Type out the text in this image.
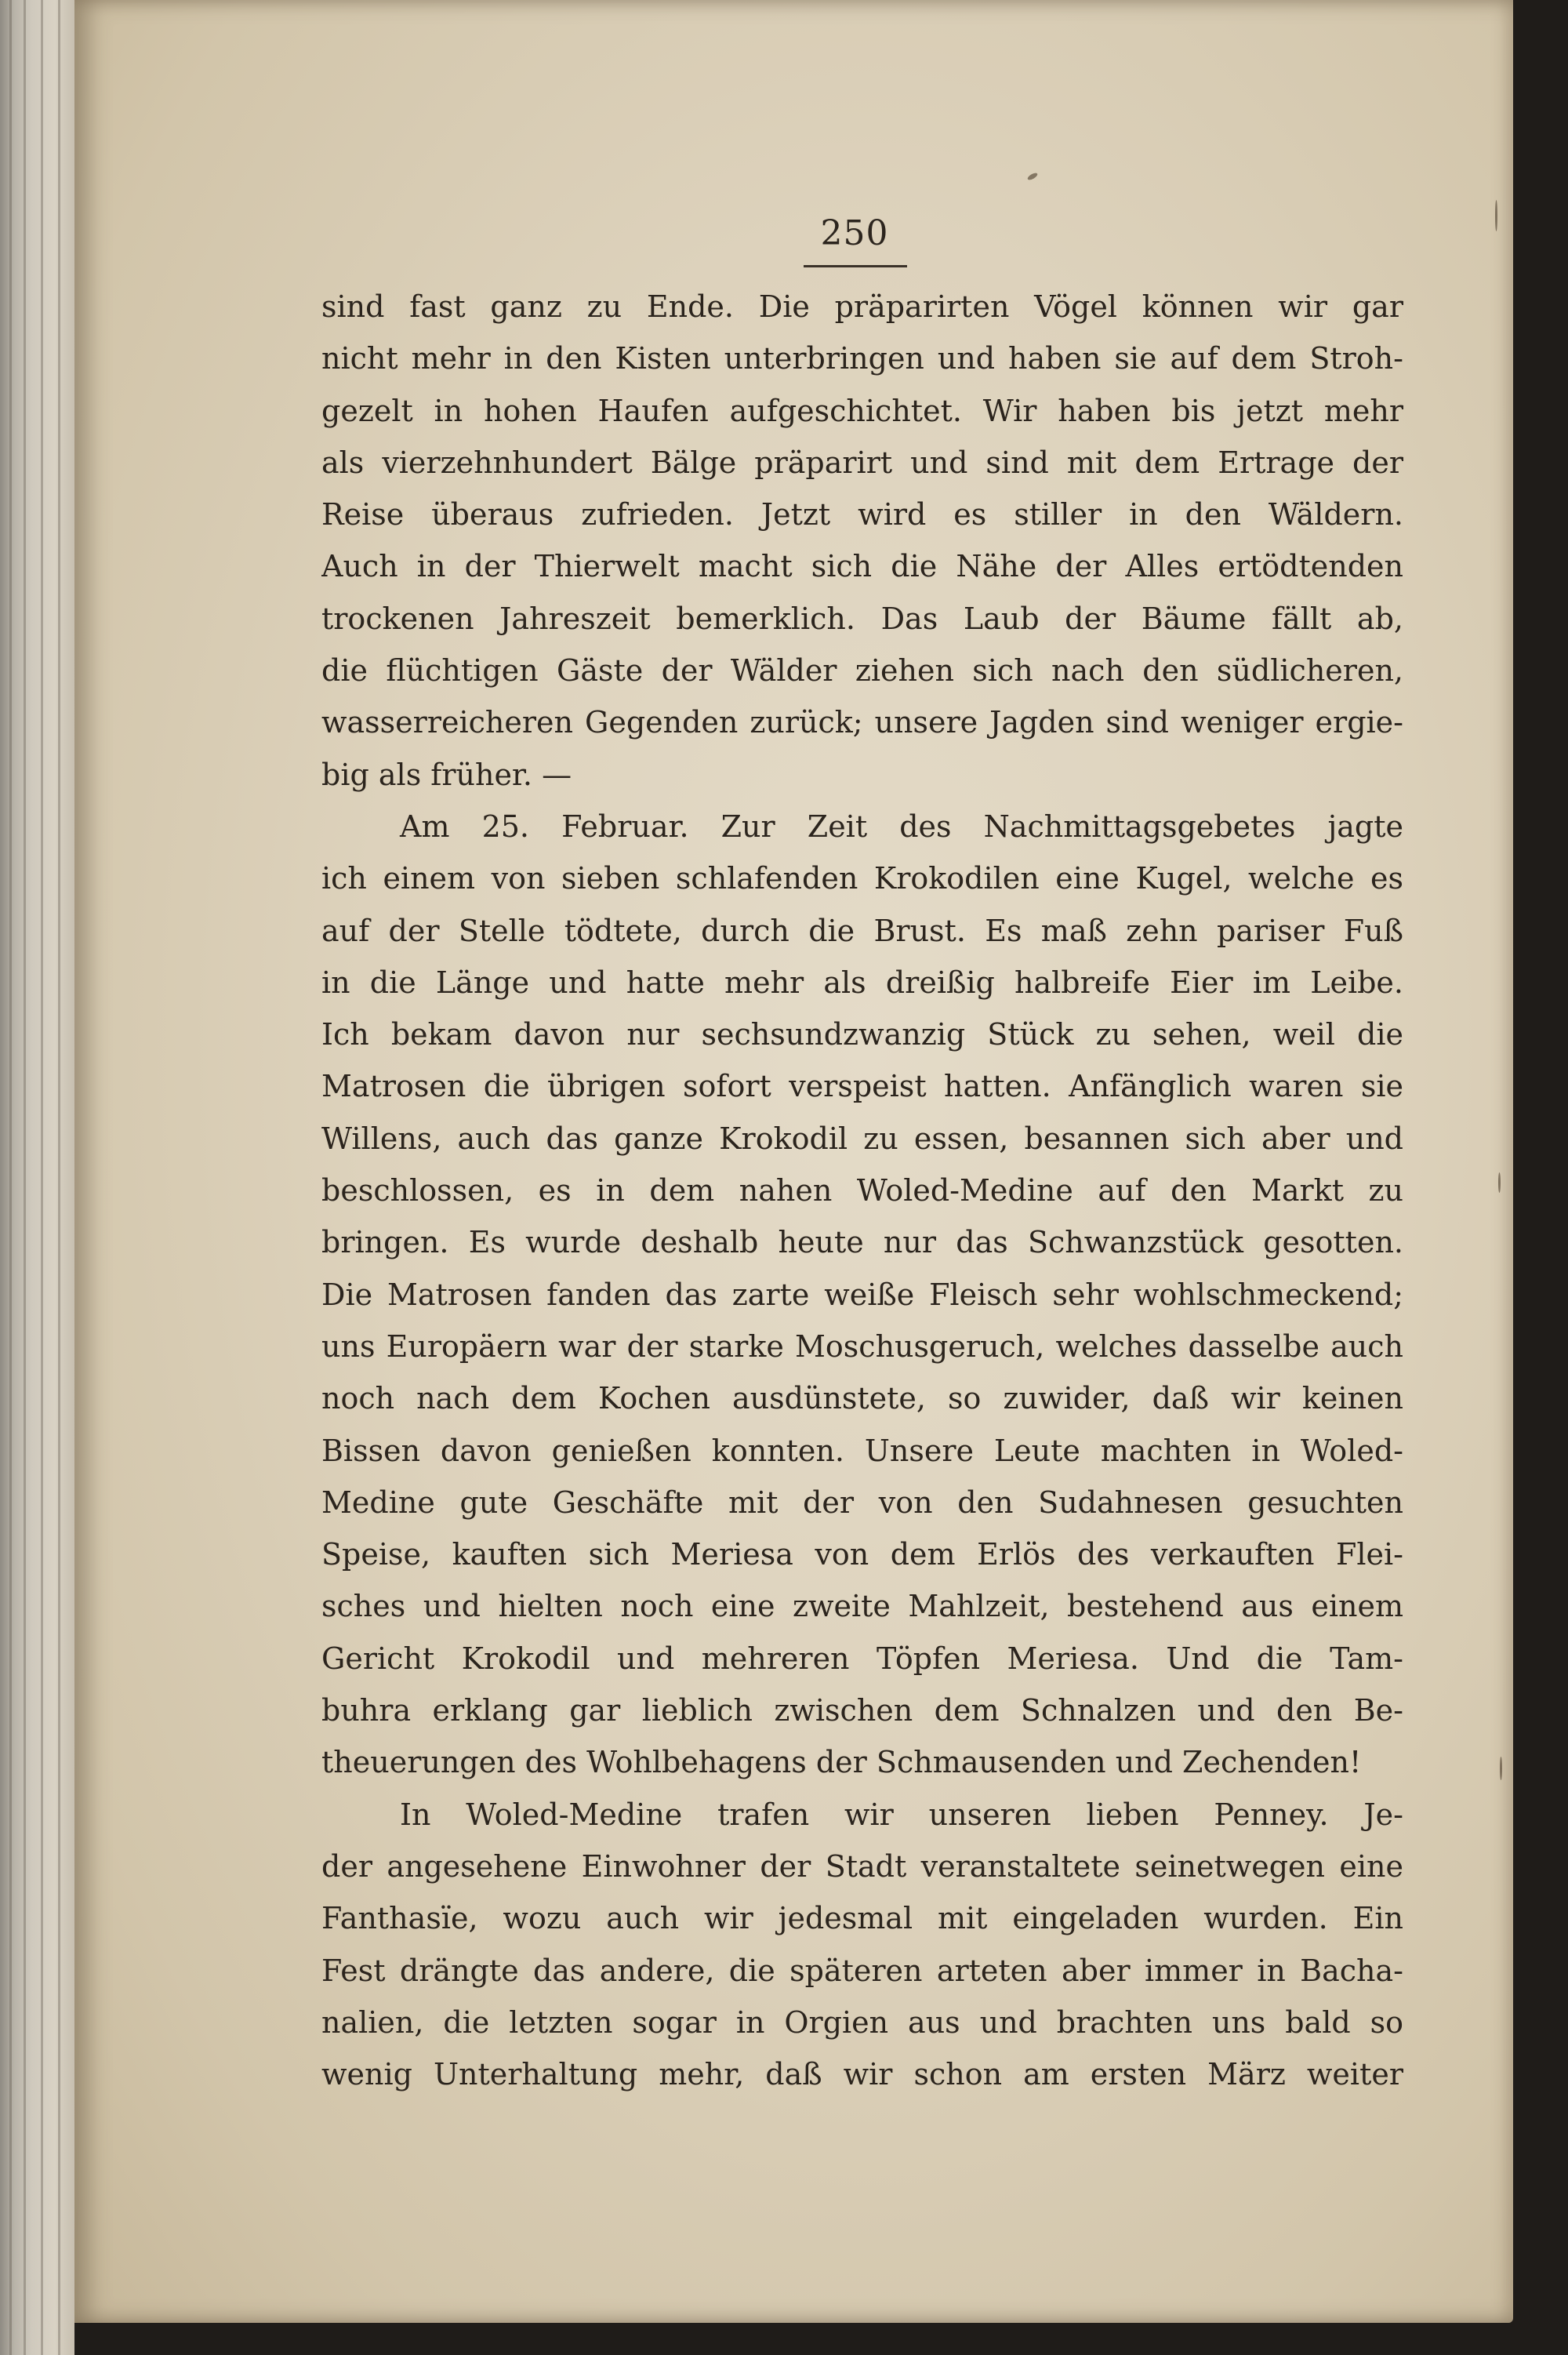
250
sind fast ganz zu Ende. Die präparirten Vögel können wir gar
nicht mehr in den Kisten unterbringen und haben sie auf dem Stroh-
gezelt in hohen Haufen aufgeschichtet. Wir haben bis jetzt mehr
als vierzehnhundert Bälge präparirt und sind mit dem Ertrage der
Reise überaus zufrieden. Jetzt wird es stiller in den Wäldern.
Auch in der Thierwelt macht sich die Nähe der Alles ertödtenden
trockenen Jahreszeit bemerklich. Das Laub der Bäume fällt ab,
die flüchtigen Gäste der Wälder ziehen sich nach den südlicheren,
wasserreicheren Gegenden zurück; unsere Jagden sind weniger ergie-
big als früher. —
Am 25. Februar. Zur Zeit des Nachmittagsgebetes jagte
ich einem von sieben schlafenden Krokodilen eine Kugel, welche es
auf der Stelle tödtete, durch die Brust. Es maß zehn pariser Fuß
in die Länge und hatte mehr als dreißig halbreife Eier im Leibe.
Ich bekam davon nur sechsundzwanzig Stück zu sehen, weil die
Matrosen die übrigen sofort verspeist hatten. Anfänglich waren sie
Willens, auch das ganze Krokodil zu essen, besannen sich aber und
beschlossen, es in dem nahen Woled-Medine auf den Markt zu
bringen. Es wurde deshalb heute nur das Schwanzstück gesotten.
Die Matrosen fanden das zarte weiße Fleisch sehr wohlschmeckend;
uns Europäern war der starke Moschusgeruch, welches dasselbe auch
noch nach dem Kochen ausdünstete, so zuwider, daß wir keinen
Bissen davon genießen konnten. Unsere Leute machten in Woled-
Medine gute Geschäfte mit der von den Sudahnesen gesuchten
Speise, kauften sich Meriesa von dem Erlös des verkauften Flei-
sches und hielten noch eine zweite Mahlzeit, bestehend aus einem
Gericht Krokodil und mehreren Töpfen Meriesa. Und die Tam-
buhra erklang gar lieblich zwischen dem Schnalzen und den Be-
theuerungen des Wohlbehagens der Schmausenden und Zechenden!
In Woled-Medine trafen wir unseren lieben Penney. Je-
der angesehene Einwohner der Stadt veranstaltete seinetwegen eine
Fanthasïe, wozu auch wir jedesmal mit eingeladen wurden. Ein
Fest drängte das andere, die späteren arteten aber immer in Bacha-
nalien, die letzten sogar in Orgien aus und brachten uns bald so
wenig Unterhaltung mehr, daß wir schon am ersten März weiter
